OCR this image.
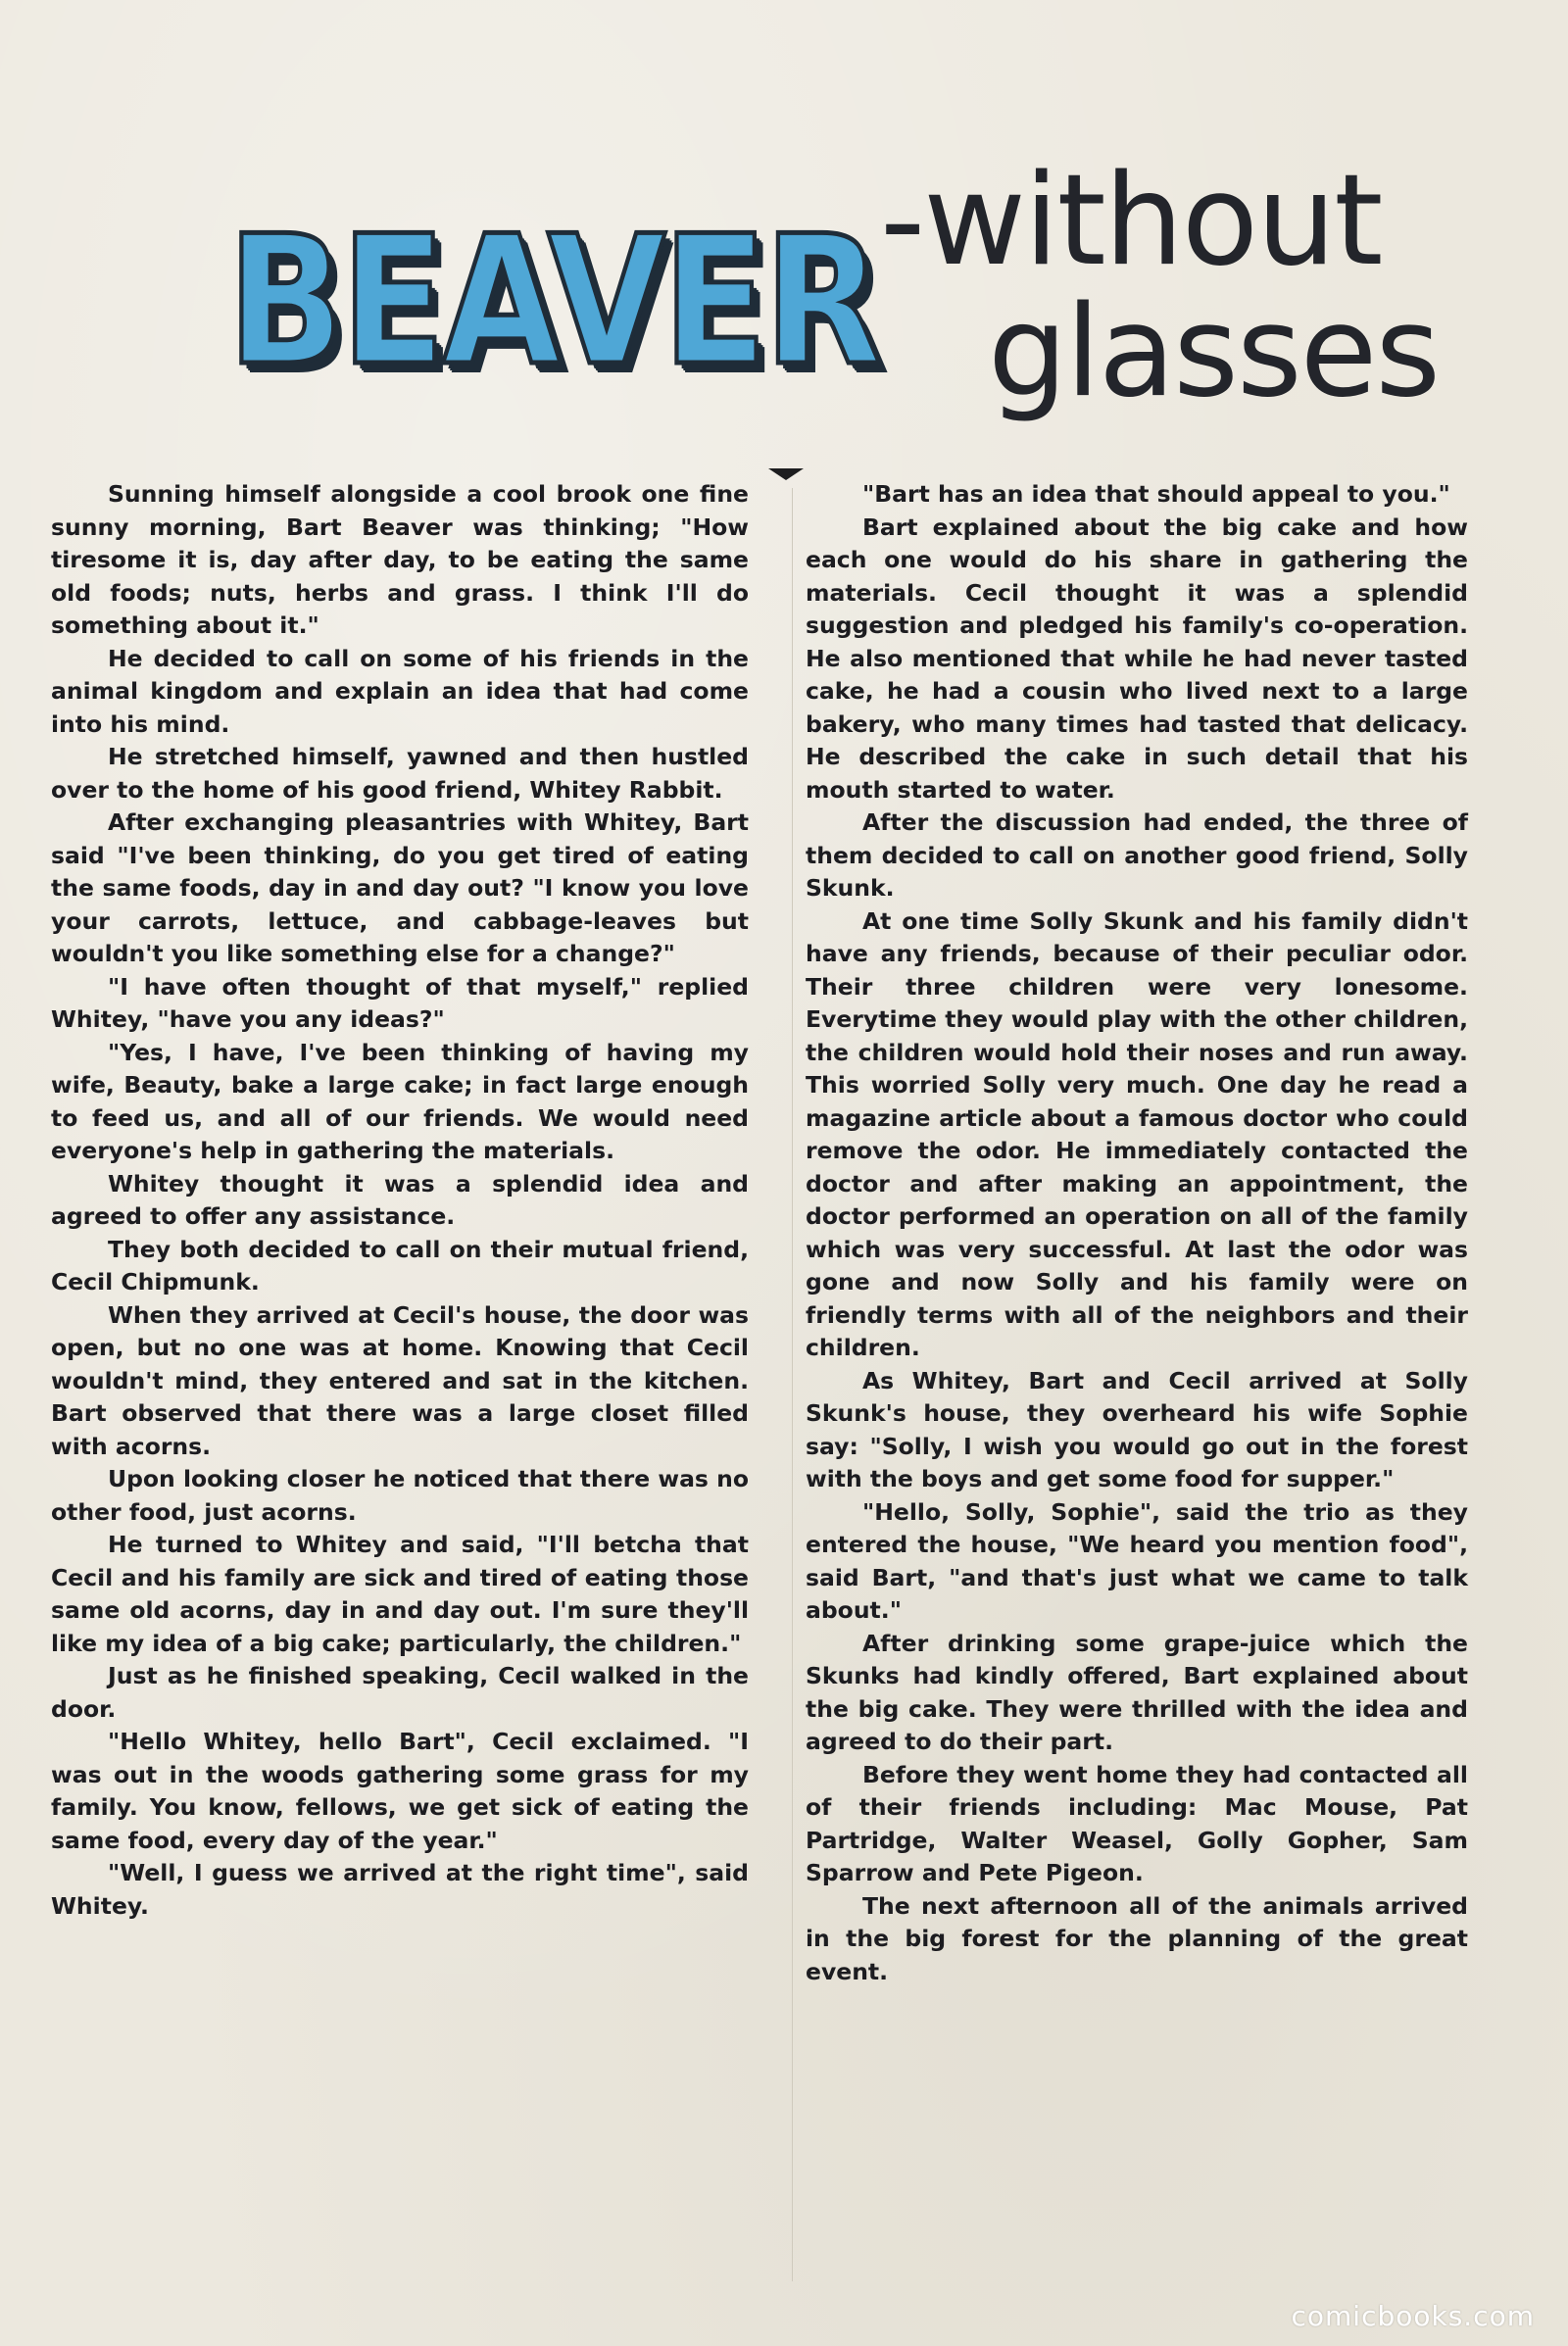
BEAVER -without
glasses

Sunning himself alongside a cool brook one fine sunny morning, Bart Beaver was thinking; "How tiresome it is, day after day, to be eating the same old foods; nuts, herbs and grass. I think I'll do something about it."

He decided to call on some of his friends in the animal kingdom and explain an idea that had come into his mind.

He stretched himself, yawned and then hustled over to the home of his good friend, Whitey Rabbit.

After exchanging pleasantries with Whitey, Bart said "I've been thinking, do you get tired of eating the same foods, day in and day out? "I know you love your carrots, lettuce, and cabbage-leaves but wouldn't you like something else for a change?"

"I have often thought of that myself," replied Whitey, "have you any ideas?"

"Yes, I have, I've been thinking of having my wife, Beauty, bake a large cake; in fact large enough to feed us, and all of our friends. We would need everyone's help in gathering the materials.

Whitey thought it was a splendid idea and agreed to offer any assistance.

They both decided to call on their mutual friend, Cecil Chipmunk.

When they arrived at Cecil's house, the door was open, but no one was at home. Knowing that Cecil wouldn't mind, they entered and sat in the kitchen. Bart observed that there was a large closet filled with acorns.

Upon looking closer he noticed that there was no other food, just acorns.

He turned to Whitey and said, "I'll betcha that Cecil and his family are sick and tired of eating those same old acorns, day in and day out. I'm sure they'll like my idea of a big cake; particularly, the children."

Just as he finished speaking, Cecil walked in the door.

"Hello Whitey, hello Bart", Cecil exclaimed. "I was out in the woods gathering some grass for my family. You know, fellows, we get sick of eating the same food, every day of the year."

"Well, I guess we arrived at the right time", said Whitey.

"Bart has an idea that should appeal to you."

Bart explained about the big cake and how each one would do his share in gathering the materials. Cecil thought it was a splendid suggestion and pledged his family's co-operation. He also mentioned that while he had never tasted cake, he had a cousin who lived next to a large bakery, who many times had tasted that delicacy. He described the cake in such detail that his mouth started to water.

After the discussion had ended, the three of them decided to call on another good friend, Solly Skunk.

At one time Solly Skunk and his family didn't have any friends, because of their peculiar odor. Their three children were very lonesome. Everytime they would play with the other children, the children would hold their noses and run away. This worried Solly very much. One day he read a magazine article about a famous doctor who could remove the odor. He immediately contacted the doctor and after making an appointment, the doctor performed an operation on all of the family which was very successful. At last the odor was gone and now Solly and his family were on friendly terms with all of the neighbors and their children.

As Whitey, Bart and Cecil arrived at Solly Skunk's house, they overheard his wife Sophie say: "Solly, I wish you would go out in the forest with the boys and get some food for supper."

"Hello, Solly, Sophie", said the trio as they entered the house, "We heard you mention food", said Bart, "and that's just what we came to talk about."

After drinking some grape-juice which the Skunks had kindly offered, Bart explained about the big cake. They were thrilled with the idea and agreed to do their part.

Before they went home they had contacted all of their friends including: Mac Mouse, Pat Partridge, Walter Weasel, Golly Gopher, Sam Sparrow and Pete Pigeon.

The next afternoon all of the animals arrived in the big forest for the planning of the great event.

comicbooks.com
